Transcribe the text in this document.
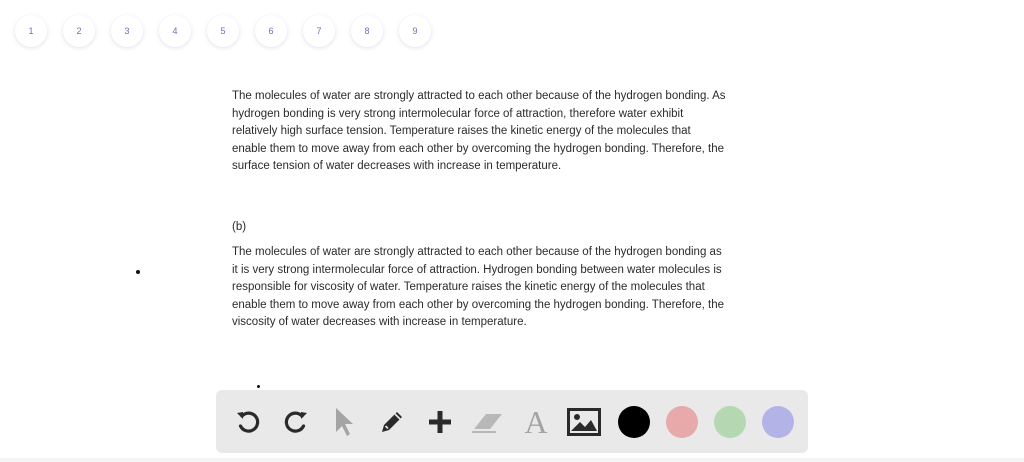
1	2	3	4	5	6	7	8	9
The molecules of water are strongly attracted to each other because of the hydrogen bonding. As
hydrogen bonding is very strong intermolecular force of attraction, therefore water exhibit
relatively high surface tension. Temperature raises the kinetic energy of the molecules that
enable them to move away from each other by overcoming the hydrogen bonding. Therefore, the
surface tension of water decreases with increase in temperature.
(b)
The molecules of water are strongly attracted to each other because of the hydrogen bonding as
it is very strong intermolecular force of attraction. Hydrogen bonding between water molecules is
responsible for viscosity of water. Temperature raises the kinetic energy of the molecules that
enable them to move away from each other by overcoming the hydrogen bonding. Therefore, the
viscosity of water decreases with increase in temperature.
A
